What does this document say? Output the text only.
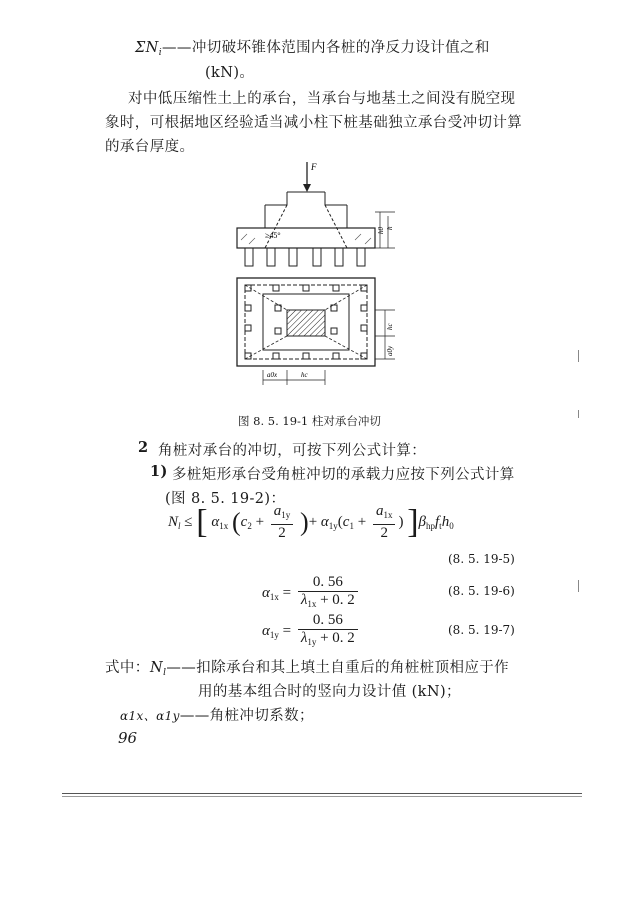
$\Sigma N_i——$冲切破坏锥体范围内各桩的净反力设计值之和
(kN)。
对中低压缩性土上的承台，当承台与地基土之间没有脱空现
象时，可根据地区经验适当减小柱下桩基础独立承台受冲切计算
的承台厚度。
F
≥45°
h0 h
hc
a0y
a0x	hc
图 8. 5. 19-1 柱对承台冲切
2 角桩对承台的冲切，可按下列公式计算：
1) 多桩矩形承台受角桩冲切的承载力应按下列公式计算
(图 8. 5. 19-2)：
$N_l$ ≤ [ $\alpha_{1x}$ ($c_2 + \frac{a_{1y}}{2}$ )+ $\alpha_{1y}(c_1 + \frac{a_{1x}}{2}$ ) ]$\beta_{hp}f_th_0$
(8. 5. 19-5)
$\alpha_{1x} = \frac{0. 56}{\lambda_{1x} + 0. 2}$	(8. 5. 19-6)
$\alpha_{1y} = \frac{0. 56}{\lambda_{1y} + 0. 2}$	(8. 5. 19-7)
式中： $N_l——$扣除承台和其上填土自重后的角桩桩顶相应于作
用的基本组合时的竖向力设计值 (kN)；
α1x、α1y——角桩冲切系数；
96
